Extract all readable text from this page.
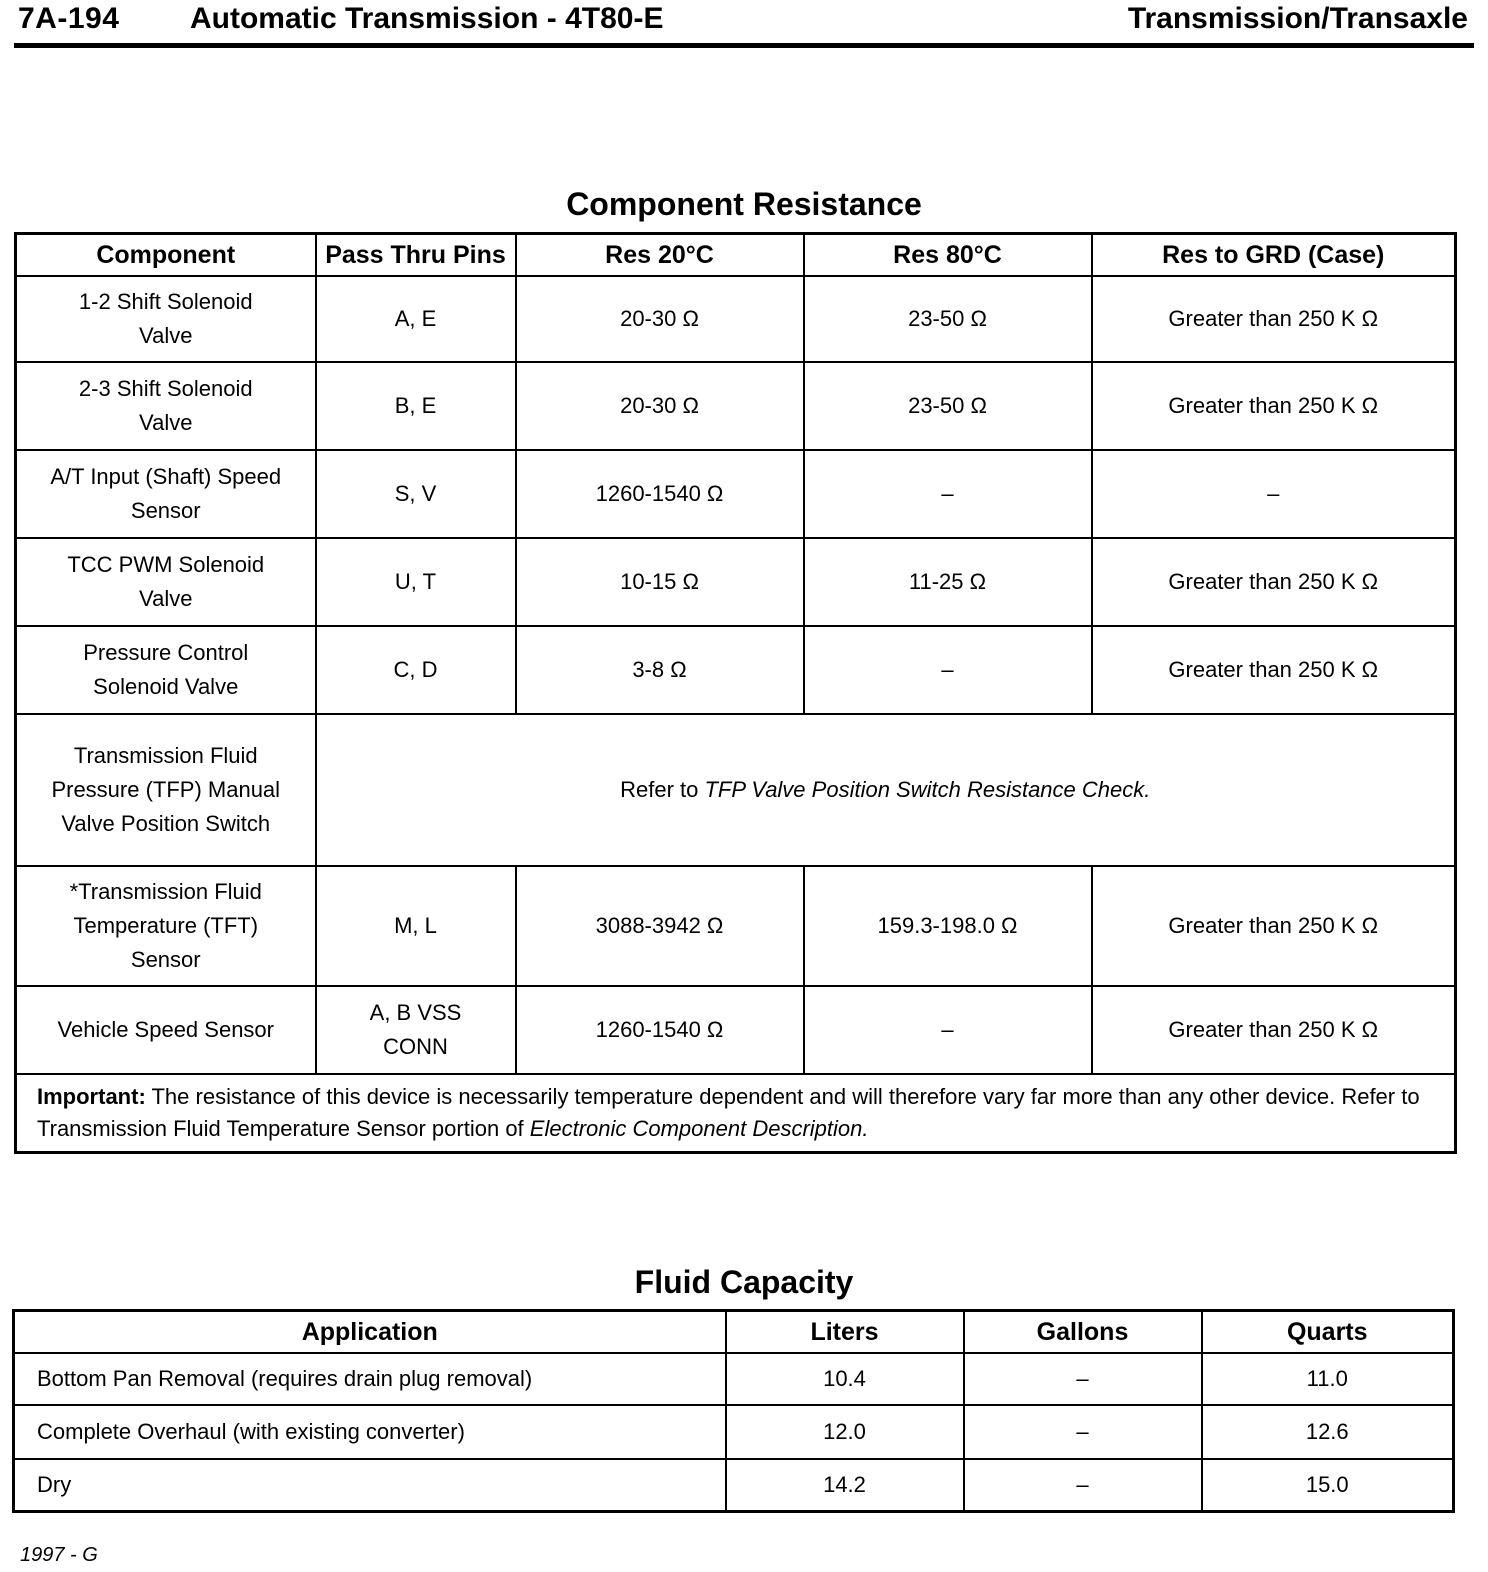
7A-194 Automatic Transmission - 4T80-E	Transmission/Transaxle
Component Resistance
Component	Pass Thru Pins	Res 20°C	Res 80°C	Res to GRD (Case)
1-2 Shift Solenoid Valve	A, E	20-30 Ω	23-50 Ω	Greater than 250 K Ω
2-3 Shift Solenoid Valve	B, E	20-30 Ω	23-50 Ω	Greater than 250 K Ω
A/T Input (Shaft) Speed Sensor	S, V	1260-1540 Ω	–	–
TCC PWM Solenoid Valve	U, T	10-15 Ω	11-25 Ω	Greater than 250 K Ω
Pressure Control Solenoid Valve	C, D	3-8 Ω	–	Greater than 250 K Ω
Transmission Fluid Pressure (TFP) Manual Valve Position Switch	Refer to TFP Valve Position Switch Resistance Check.			
*Transmission Fluid Temperature (TFT) Sensor	M, L	3088-3942 Ω	159.3-198.0 Ω	Greater than 250 K Ω
Vehicle Speed Sensor	A, B VSS CONN	1260-1540 Ω	–	Greater than 250 K Ω
Important: The resistance of this device is necessarily temperature dependent and will therefore vary far more than any other device. Refer to Transmission Fluid Temperature Sensor portion of Electronic Component Description.				
Fluid Capacity
Application	Liters	Gallons	Quarts
Bottom Pan Removal (requires drain plug removal)	10.4	–	11.0
Complete Overhaul (with existing converter)	12.0	–	12.6
Dry	14.2	–	15.0
1997 - G
